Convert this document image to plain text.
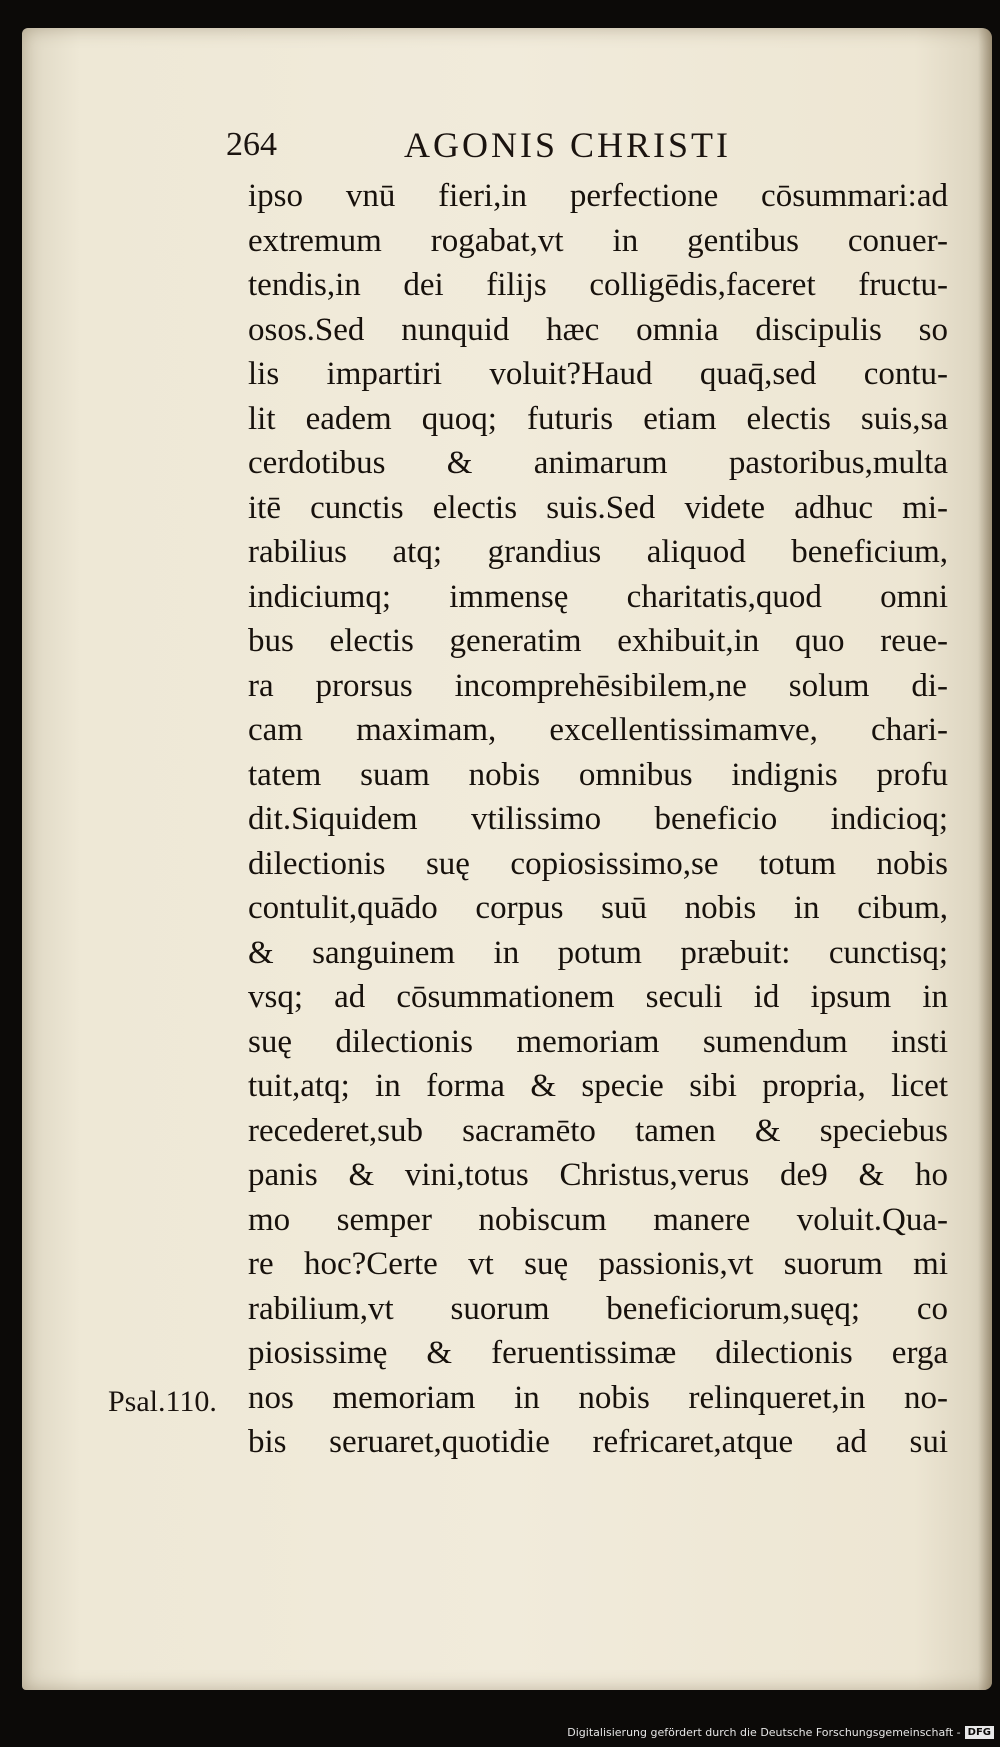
264	AGONIS CHRISTI
ipso vnū fieri,in perfectione cōsummari:ad
extremum rogabat,vt in gentibus conuer-
tendis,in dei filijs colligēdis,faceret fructu-
osos.Sed nunquid hæc omnia discipulis so
lis impartiri voluit?Haud quaq̄,sed contu-
lit eadem quoq; futuris etiam electis suis,sa
cerdotibus & animarum pastoribus,multa
itē cunctis electis suis.Sed videte adhuc mi-
rabilius atq; grandius aliquod beneficium,
indiciumq; immensę charitatis,quod omni
bus electis generatim exhibuit,in quo reue-
ra prorsus incomprehēsibilem,ne solum di-
cam maximam, excellentissimamve, chari-
tatem suam nobis omnibus indignis profu
dit.Siquidem vtilissimo beneficio indicioq;
dilectionis suę copiosissimo,se totum nobis
contulit,quādo corpus suū nobis in cibum,
& sanguinem in potum præbuit: cunctisq;
vsq; ad cōsummationem seculi id ipsum in
suę dilectionis memoriam sumendum insti
tuit,atq; in forma & specie sibi propria, licet
recederet,sub sacramēto tamen & speciebus
panis & vini,totus Christus,verus de9 & ho
mo semper nobiscum manere voluit.Qua-
re hoc?Certe vt suę passionis,vt suorum mi
rabilium,vt suorum beneficiorum,suęq; co
piosissimę & feruentissimæ dilectionis erga
nos memoriam in nobis relinqueret,in no-
bis seruaret,quotidie refricaret,atque ad sui
Psal.110.
Digitalisierung gefördert durch die Deutsche Forschungsgemeinschaft - DFG
